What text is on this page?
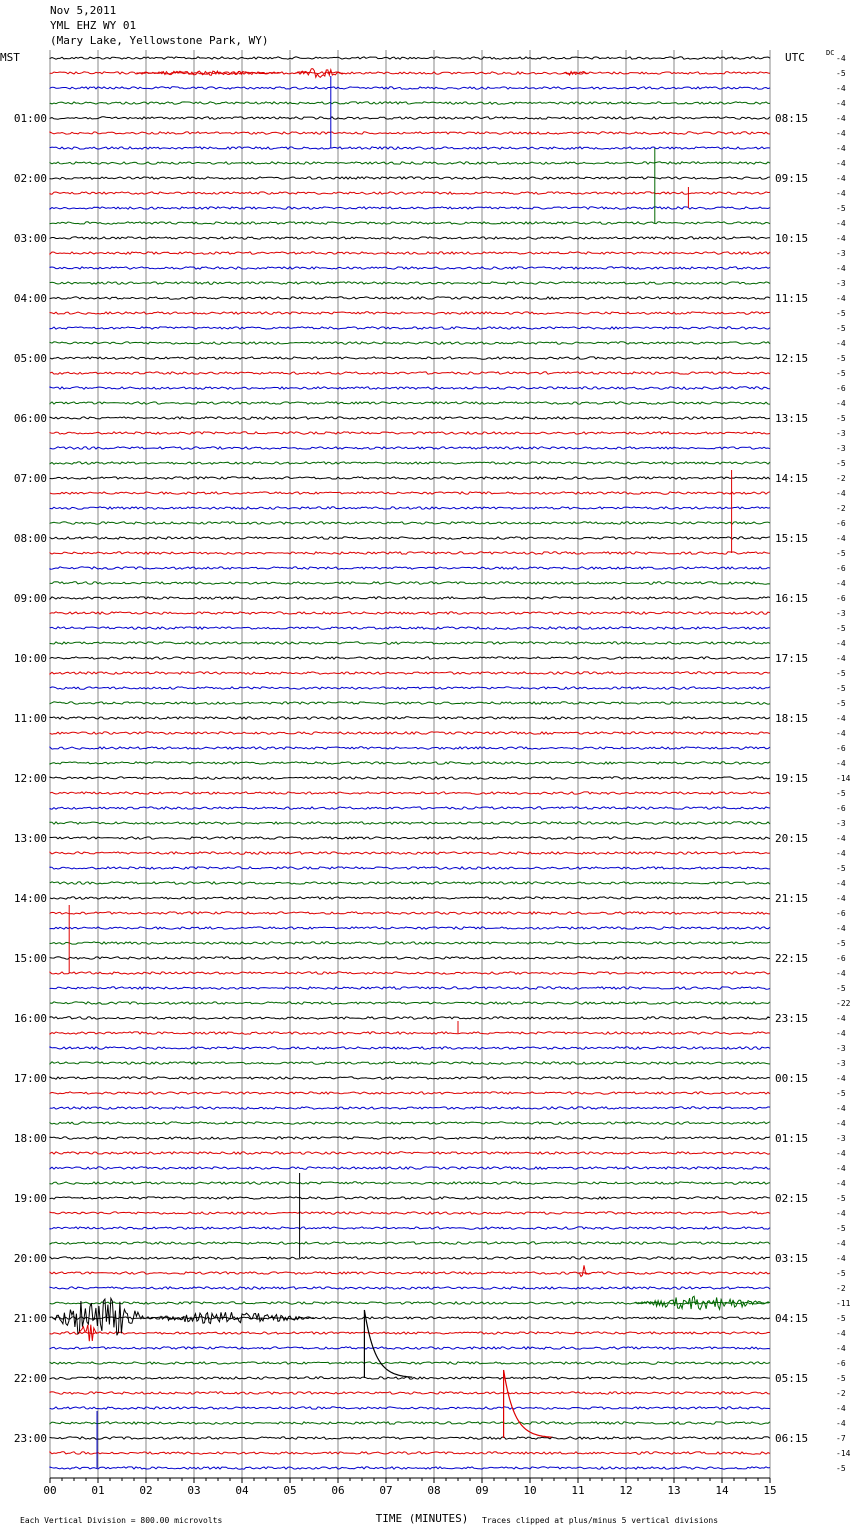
Nov 5,2011
YML EHZ WY 01
(Mary Lake, Yellowstone Park, WY)
-4
-5
-4
-4
-4
-4
-4
-4
-4
-4
-5
-4
-4
-3
-4
-3
-4
-5
-5
-4
-5
-5
-6
-4
-5
-3
-3
-5
-2
-4
-2
-6
-4
-5
-6
-4
-6
-3
-5
-4
-4
-5
-5
-5
-4
-4
-6
-4
-14
-5
-6
-3
-4
-4
-5
-4
-4
-6
-4
-5
-6
-4
-5
-22
-4
-4
-3
-3
-4
-5
-4
-4
-3
-4
-4
-4
-5
-4
-5
-4
-4
-5
-2
-11
-5
-4
-4
-6
-5
-2
-4
-4
-7
-14
-5
01:00	08:15
02:00	09:15
03:00	10:15
04:00	11:15
05:00	12:15
06:00	13:15
07:00	14:15
08:00	15:15
09:00	16:15
10:00	17:15
11:00	18:15
12:00	19:15
13:00	20:15
14:00	21:15
15:00	22:15
16:00	23:15
17:00	00:15
18:00	01:15
19:00	02:15
20:00	03:15
21:00	04:15
22:00	05:15
23:00	06:15
MST	UTC	DC
00	01	02	03	04	05	06	07	08	09	10	11	12	13	14	15
TIME (MINUTES)
Each Vertical Division = 800.00 microvolts	Traces clipped at plus/minus 5 vertical divisions
